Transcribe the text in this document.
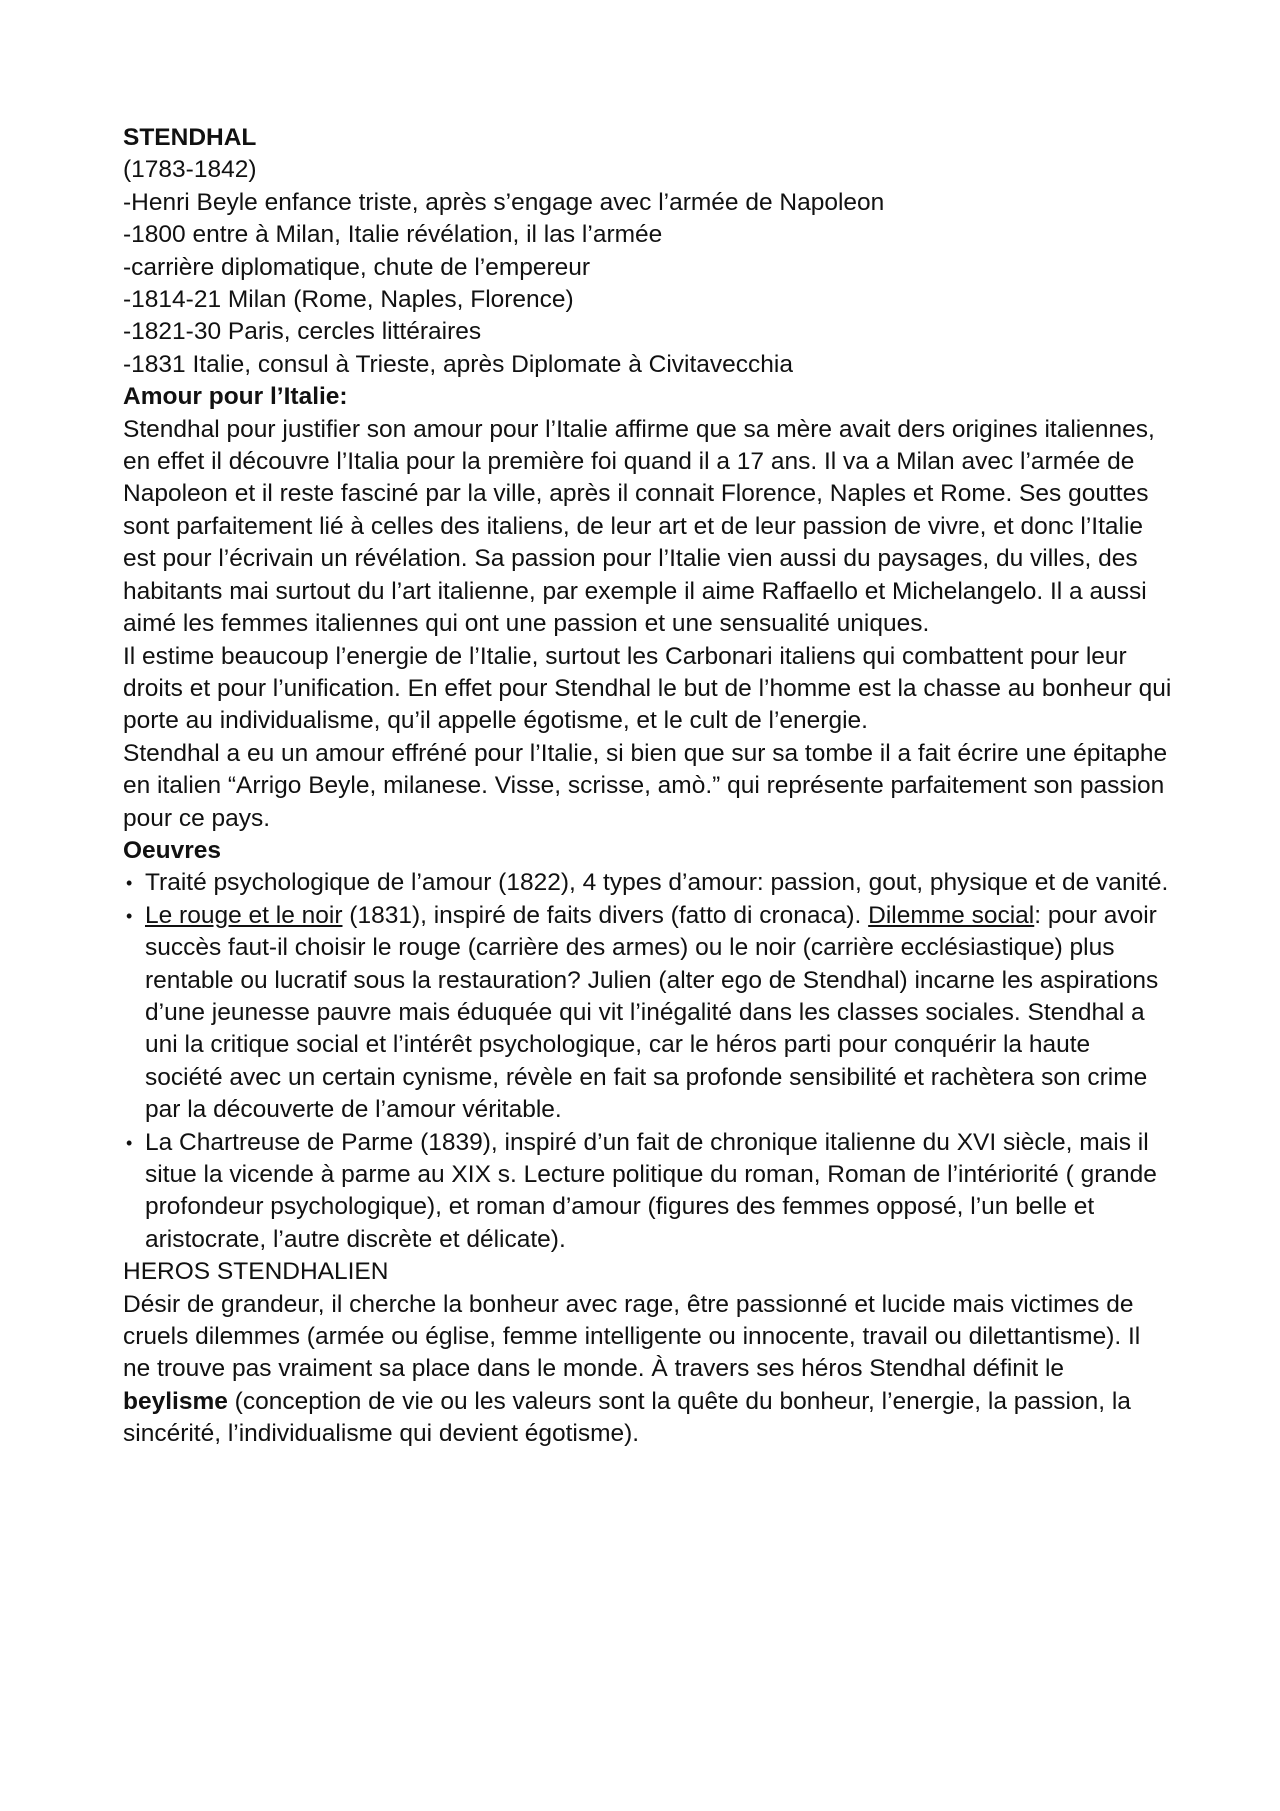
STENDHAL
(1783-1842)
-Henri Beyle enfance triste, après s’engage avec l’armée de Napoleon
-1800 entre à Milan, Italie révélation, il las l’armée
-carrière diplomatique, chute de l’empereur
-1814-21 Milan (Rome, Naples, Florence)
-1821-30 Paris, cercles littéraires
-1831 Italie, consul à Trieste, après Diplomate à Civitavecchia
Amour pour l’Italie:
Stendhal pour justifier son amour pour l’Italie affirme que sa mère avait ders origines italiennes, en effet il découvre l’Italia pour la première foi quand il a 17 ans. Il va a Milan avec l’armée de Napoleon et il reste fasciné par la ville, après il connait Florence, Naples et Rome. Ses gouttes sont parfaitement lié à celles des italiens, de leur art et de leur passion de vivre, et donc l’Italie est pour l’écrivain un révélation. Sa passion pour l’Italie vien aussi du paysages, du villes, des habitants mai surtout du l’art italienne, par exemple il aime Raffaello et Michelangelo. Il a aussi aimé les femmes italiennes qui ont une passion et une sensualité uniques.
Il estime beaucoup l’energie de l’Italie, surtout les Carbonari italiens qui combattent pour leur droits et pour l’unification. En effet pour Stendhal le but de l’homme est la chasse au bonheur qui porte au individualisme, qu’il appelle égotisme, et le cult de l’energie.
Stendhal a eu un amour effréné pour l’Italie, si bien que sur sa tombe il a fait écrire une épitaphe en italien “Arrigo Beyle, milanese. Visse, scrisse, amò.” qui représente parfaitement son passion pour ce pays.
Oeuvres
• Traité psychologique de l’amour (1822), 4 types d’amour: passion, gout, physique et de vanité.
• Le rouge et le noir (1831), inspiré de faits divers (fatto di cronaca). Dilemme social: pour avoir succès faut-il choisir le rouge (carrière des armes) ou le noir (carrière ecclésiastique) plus rentable ou lucratif sous la restauration? Julien (alter ego de Stendhal) incarne les aspirations d’une jeunesse pauvre mais éduquée qui vit l’inégalité dans les classes sociales. Stendhal a uni la critique social et l’intérêt psychologique, car le héros parti pour conquérir la haute société avec un certain cynisme, révèle en fait sa profonde sensibilité et rachètera son crime par la découverte de l’amour véritable.
• La Chartreuse de Parme (1839), inspiré d’un fait de chronique italienne du XVI siècle, mais il situe la vicende à parme au XIX s. Lecture politique du roman, Roman de l’intériorité ( grande profondeur psychologique), et roman d’amour (figures des femmes opposé, l’un belle et aristocrate, l’autre discrète et délicate).
HEROS STENDHALIEN
Désir de grandeur, il cherche la bonheur avec rage, être passionné et lucide mais victimes de cruels dilemmes (armée ou église, femme intelligente ou innocente, travail ou dilettantisme). Il ne trouve pas vraiment sa place dans le monde. À travers ses héros Stendhal définit le beylisme (conception de vie ou les valeurs sont la quête du bonheur, l’energie, la passion, la sincérité, l’individualisme qui devient égotisme).
